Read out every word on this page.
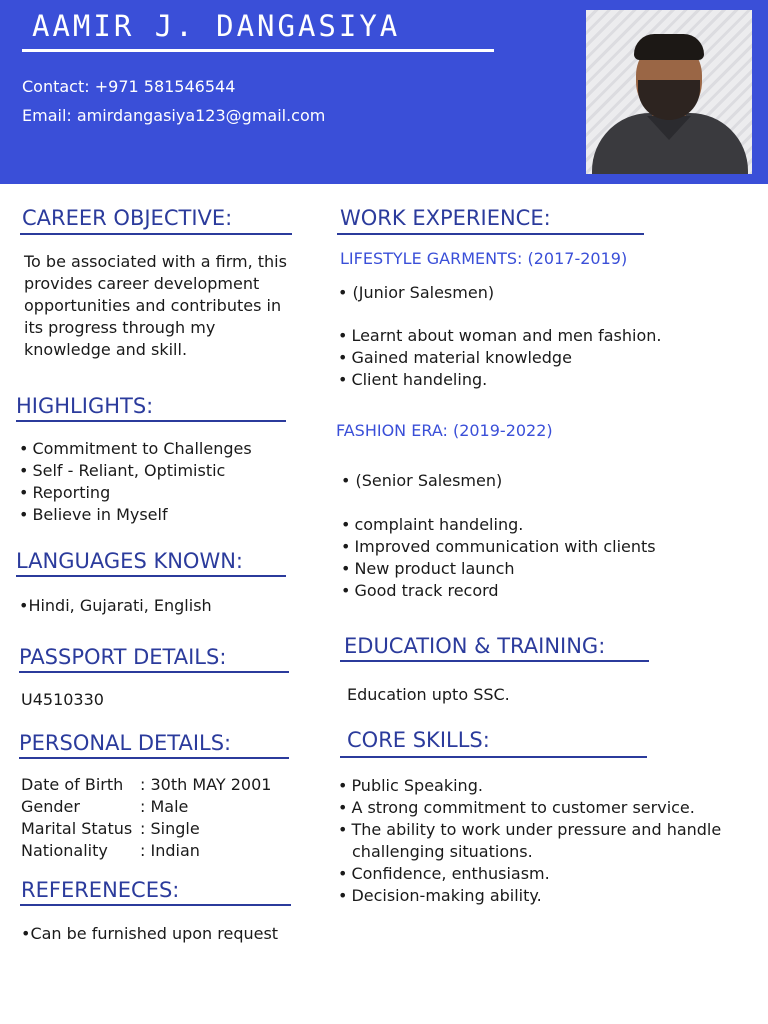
AAMIR J. DANGASIYA
Contact: +971 581546544
Email: amirdangasiya123@gmail.com
CAREER OBJECTIVE:
To be associated with a firm, this
provides career development
opportunities and contributes in
its progress through my
knowledge and skill.
HIGHLIGHTS:
• Commitment to Challenges
• Self - Reliant, Optimistic
• Reporting
• Believe in Myself
LANGUAGES KNOWN:
•Hindi, Gujarati, English
PASSPORT DETAILS:
U4510330
PERSONAL DETAILS:
Date of Birth : 30th MAY 2001
Gender	: Male
Marital Status : Single
Nationality : Indian
REFERENECES:
•Can be furnished upon request
WORK EXPERIENCE:
LIFESTYLE GARMENTS: (2017-2019)
• (Junior Salesmen)
• Learnt about woman and men fashion.
• Gained material knowledge
• Client handeling.
FASHION ERA: (2019-2022)
• (Senior Salesmen)
• complaint handeling.
• Improved communication with clients
• New product launch
• Good track record
EDUCATION & TRAINING:
Education upto SSC.
CORE SKILLS:
• Public Speaking.
• A strong commitment to customer service.
• The ability to work under pressure and handle
challenging situations.
• Confidence, enthusiasm.
• Decision-making ability.
